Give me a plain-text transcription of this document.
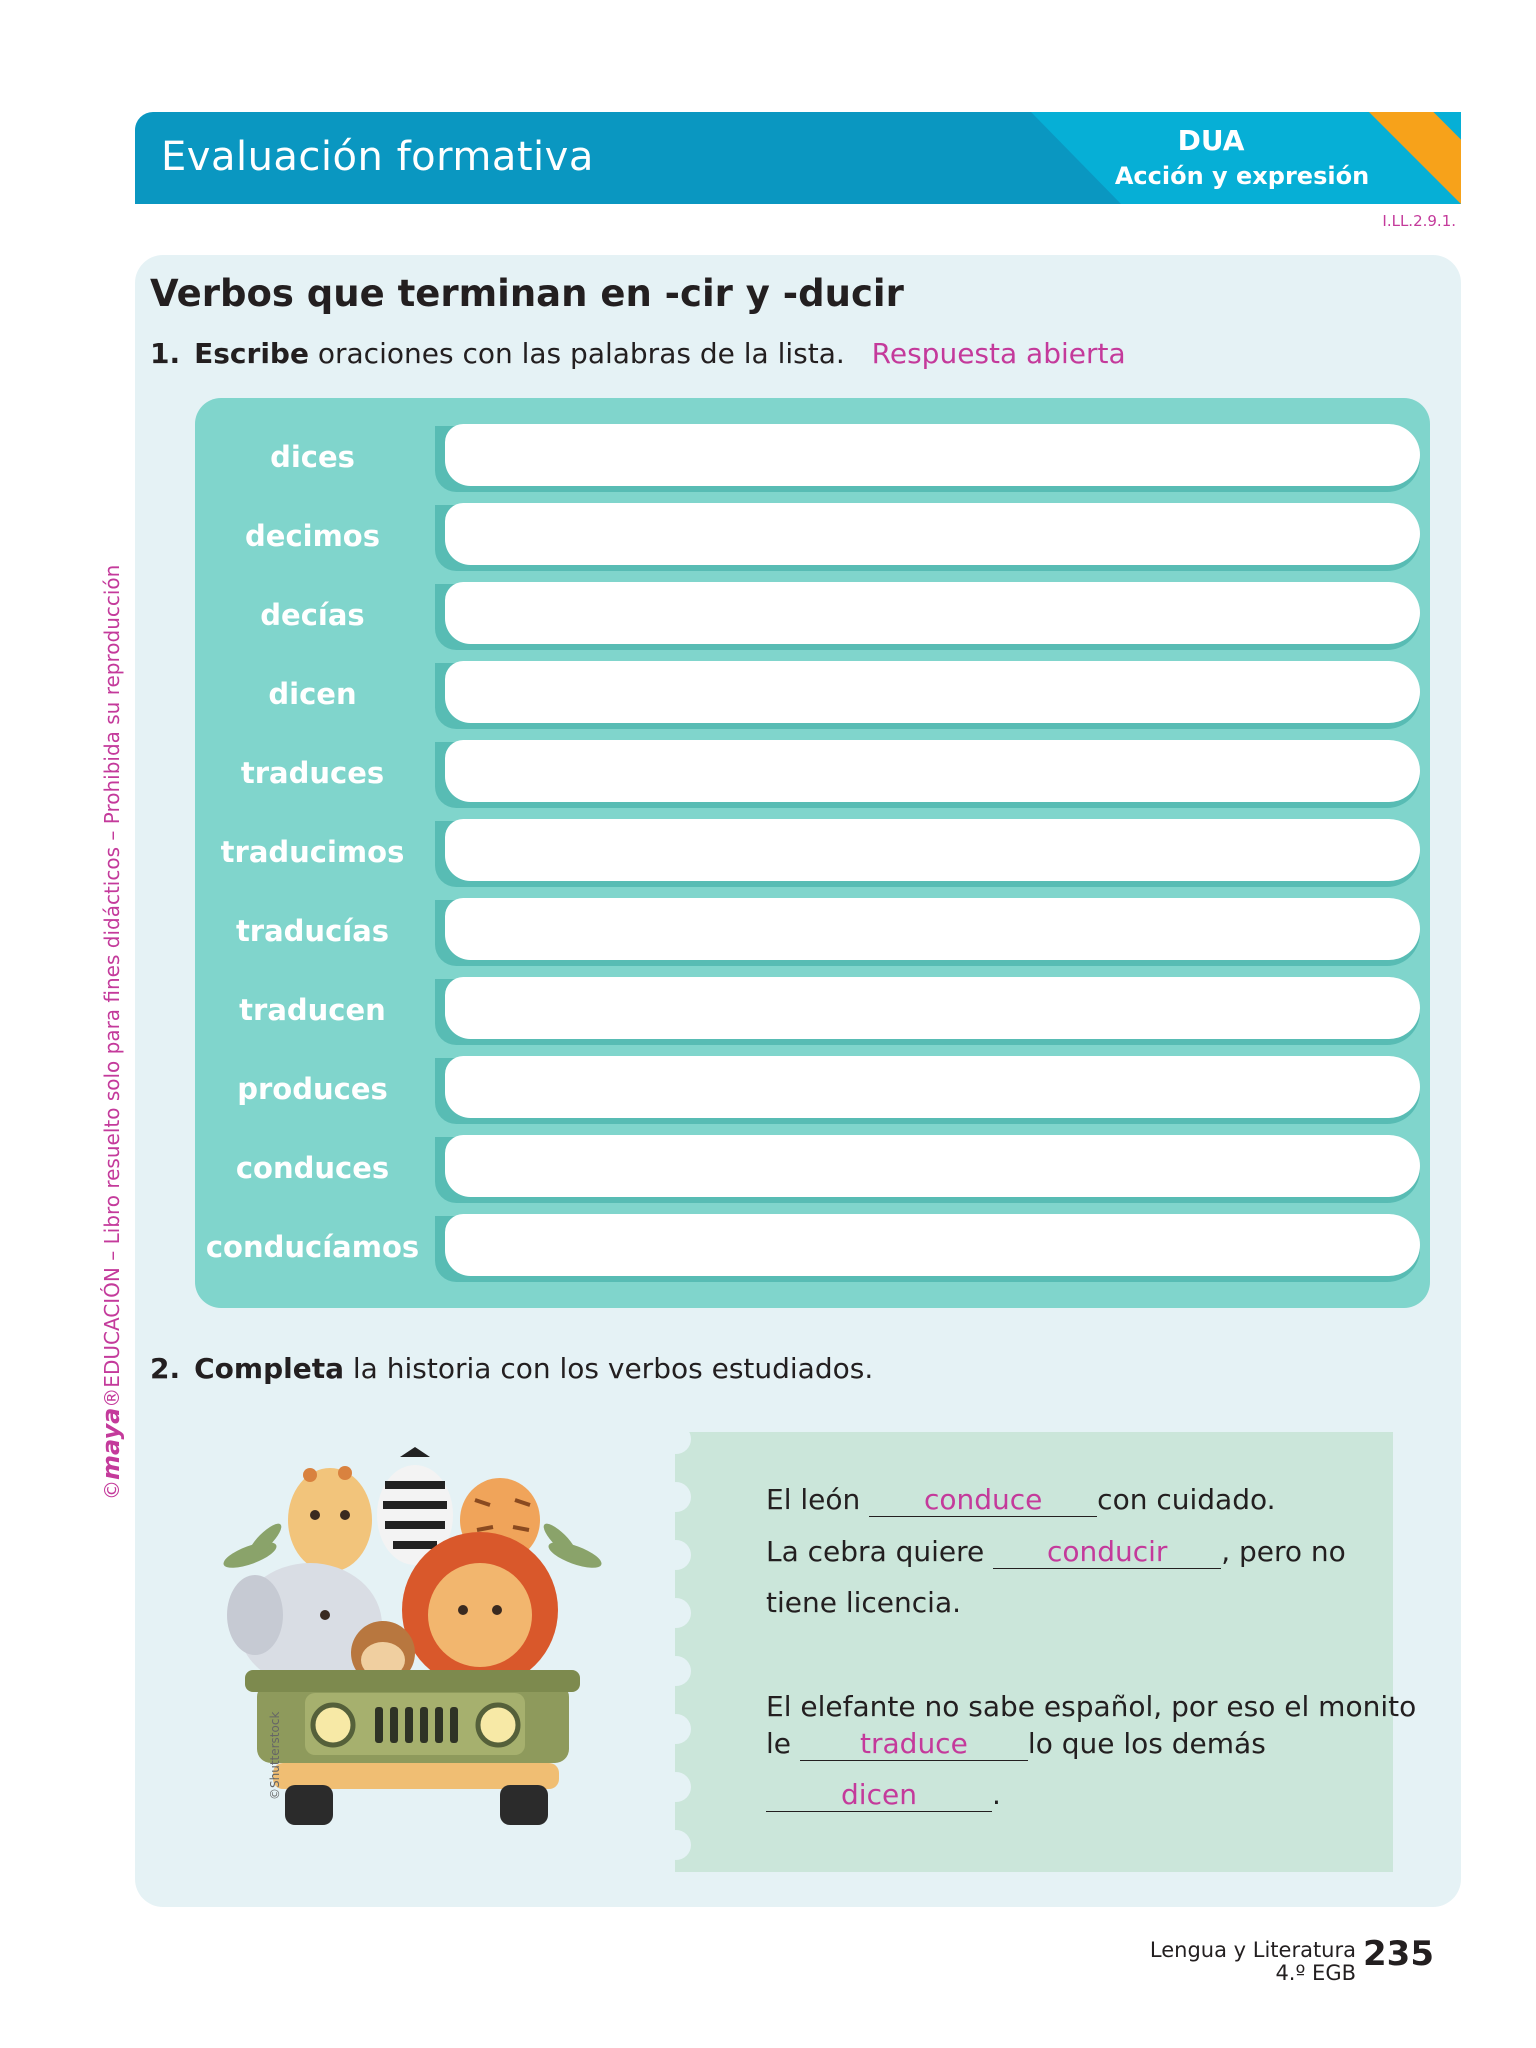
Evaluación formativa	DUA
Acción y expresión
I.LL.2.9.1.
©maya®EDUCACIÓN – Libro resuelto solo para fines didácticos – Prohibida su reproducción
Verbos que terminan en -cir y -ducir
1. Escribe oraciones con las palabras de la lista. Respuesta abierta
dices
decimos
decías
dicen
traduces
traducimos
traducías
traducen
produces
conduces
conducíamos
2. Completa la historia con los verbos estudiados.
©Shutterstock
El león conduce con cuidado.
La cebra quiere conducir , pero no
tiene licencia.
El elefante no sabe español, por eso el monito
le traduce lo que los demás
dicen	.
Lengua y Literatura
4.º EGB 235
